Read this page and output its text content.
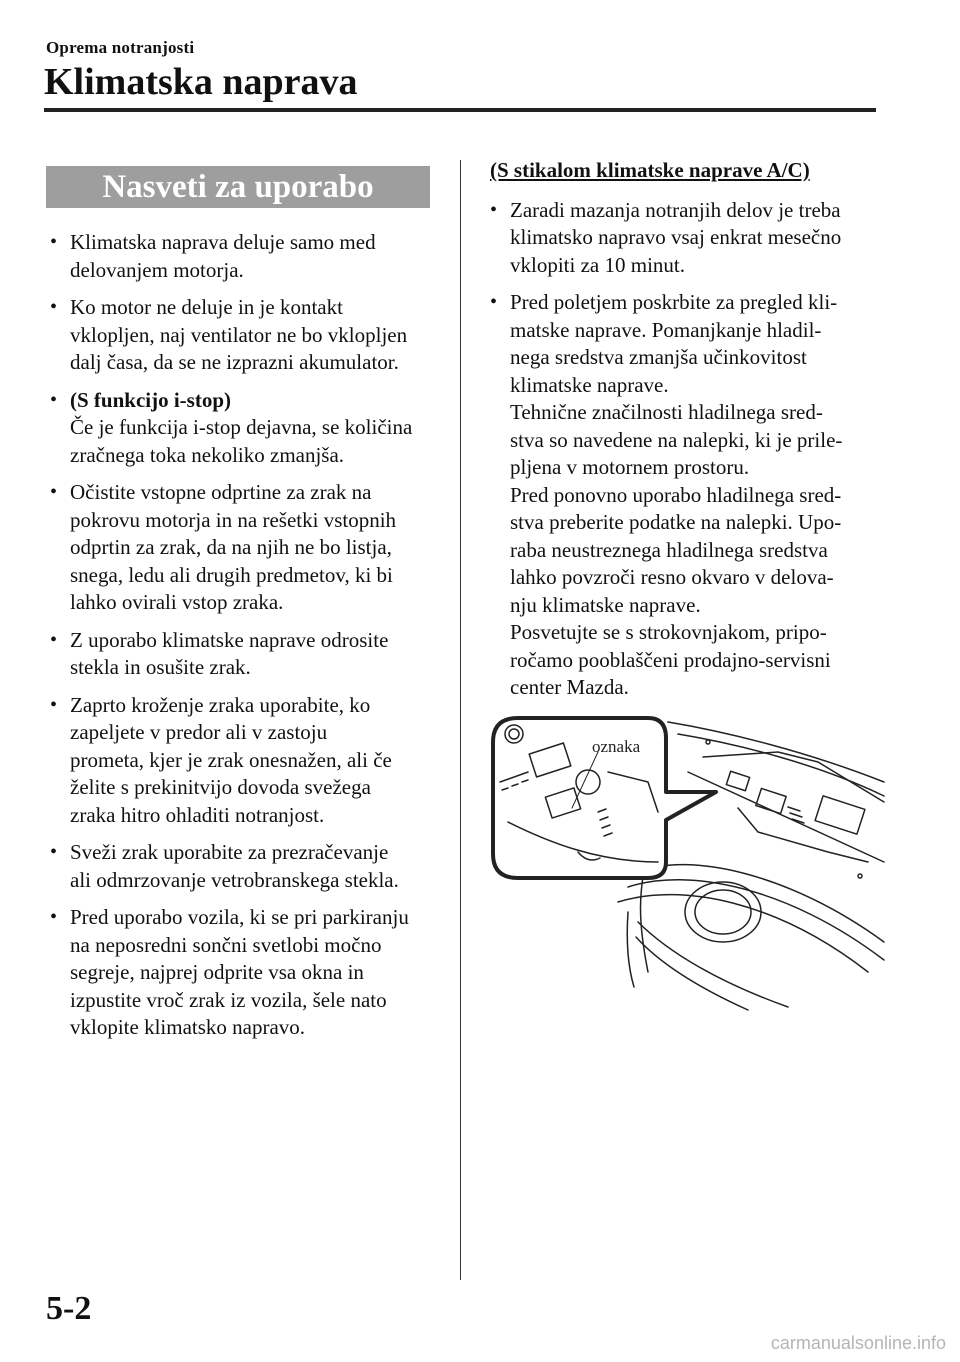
Oprema notranjosti
Klimatska naprava
Nasveti za uporabo
• Klimatska naprava deluje samo med
delovanjem motorja.
• Ko motor ne deluje in je kontakt
vklopljen, naj ventilator ne bo vklopljen
dalj časa, da se ne izprazni akumulator.
• (S funkcijo i-stop)
Če je funkcija i-stop dejavna, se količina
zračnega toka nekoliko zmanjša.
• Očistite vstopne odprtine za zrak na
pokrovu motorja in na rešetki vstopnih
odprtin za zrak, da na njih ne bo listja,
snega, ledu ali drugih predmetov, ki bi
lahko ovirali vstop zraka.
• Z uporabo klimatske naprave odrosite
stekla in osušite zrak.
• Zaprto kroženje zraka uporabite, ko
zapeljete v predor ali v zastoju
prometa, kjer je zrak onesnažen, ali če
želite s prekinitvijo dovoda svežega
zraka hitro ohladiti notranjost.
• Sveži zrak uporabite za prezračevanje
ali odmrzovanje vetrobranskega stekla.
• Pred uporabo vozila, ki se pri parkiranju
na neposredni sončni svetlobi močno
segreje, najprej odprite vsa okna in
izpustite vroč zrak iz vozila, šele nato
vklopite klimatsko napravo.
(S stikalom klimatske naprave A/C)
• Zaradi mazanja notranjih delov je treba
klimatsko napravo vsaj enkrat mesečno
vklopiti za 10 minut.
• Pred poletjem poskrbite za pregled kli-
matske naprave. Pomanjkanje hladil-
nega sredstva zmanjša učinkovitost
klimatske naprave.
Tehnične značilnosti hladilnega sred-
stva so navedene na nalepki, ki je prile-
pljena v motornem prostoru.
Pred ponovno uporabo hladilnega sred-
stva preberite podatke na nalepki. Upo-
raba neustreznega hladilnega sredstva
lahko povzroči resno okvaro v delova-
nju klimatske naprave.
Posvetujte se s strokovnjakom, pripo-
ročamo pooblaščeni prodajno-servisni
center Mazda.
oznaka
5-2
carmanualsonline.info
